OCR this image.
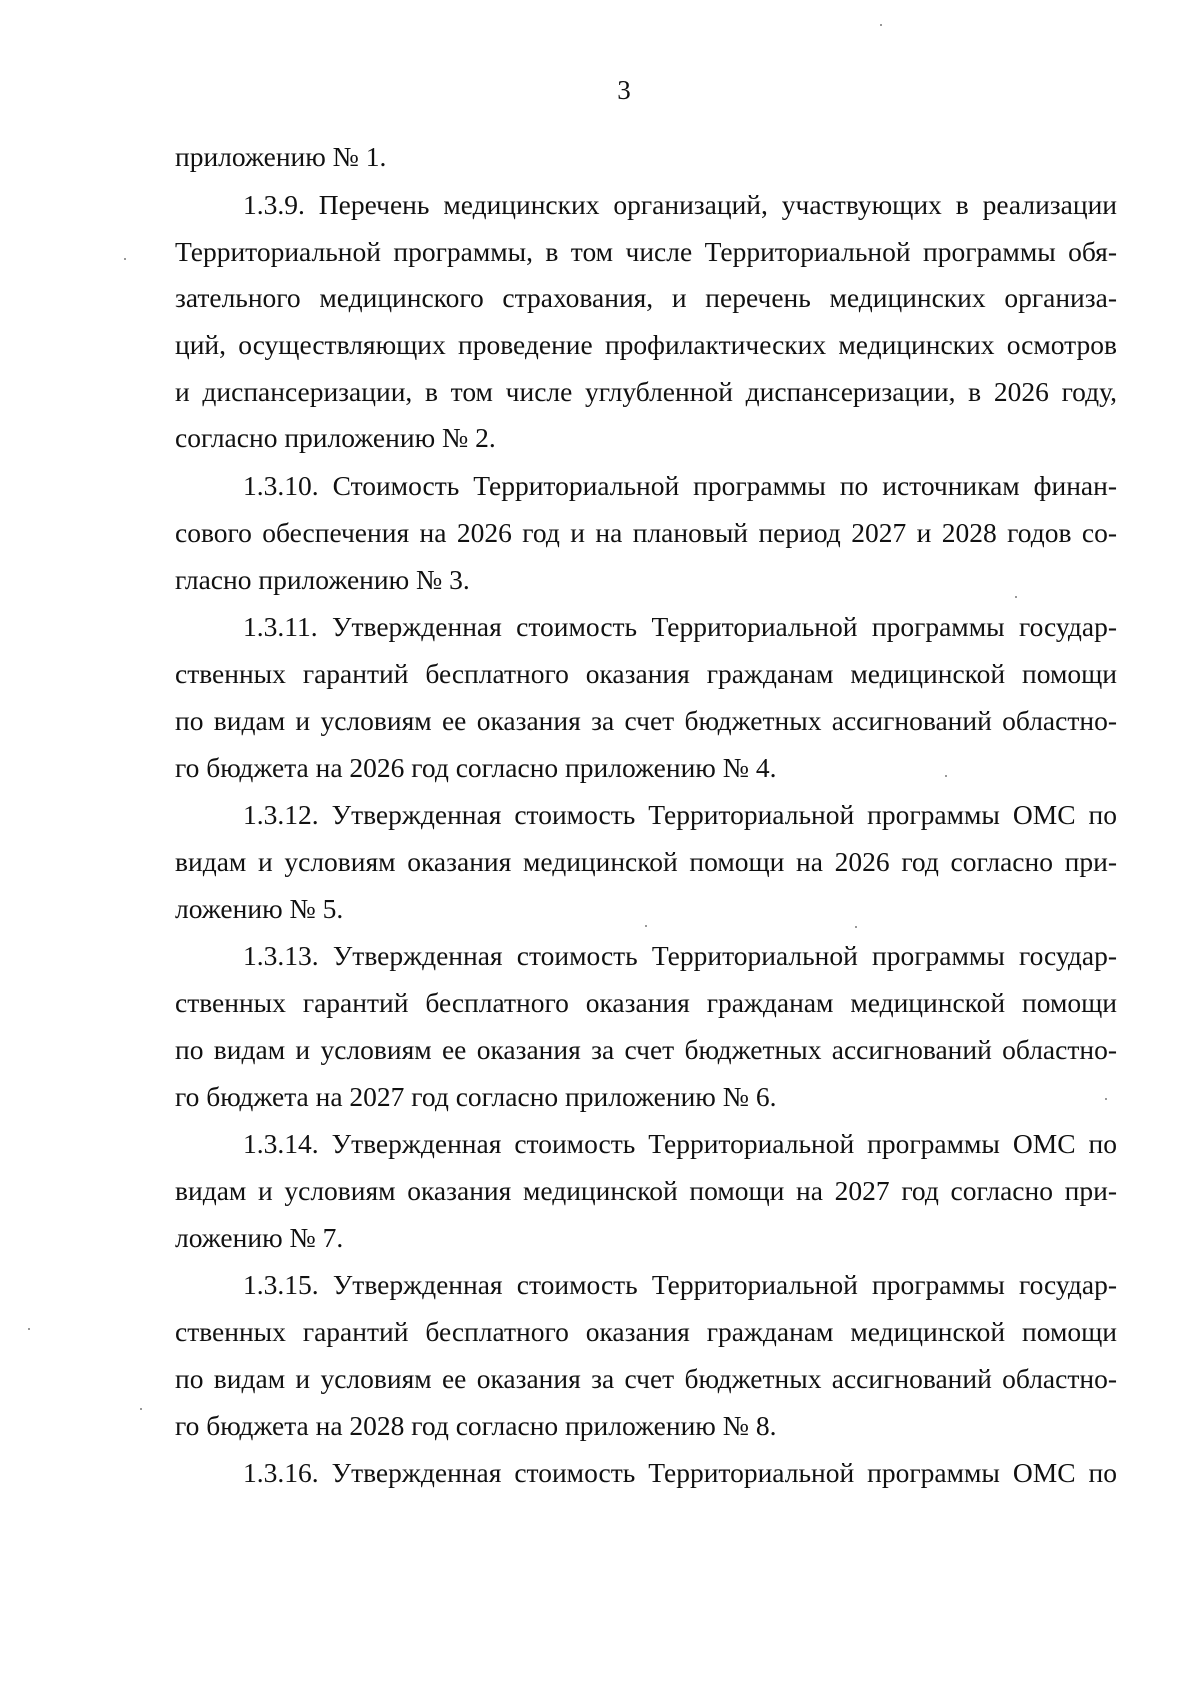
3
приложению № 1.
1.3.9. Перечень медицинских организаций, участвующих в реализации
Территориальной программы, в том числе Территориальной программы обя-
зательного медицинского страхования, и перечень медицинских организа-
ций, осуществляющих проведение профилактических медицинских осмотров
и диспансеризации, в том числе углубленной диспансеризации, в 2026 году,
согласно приложению № 2.
1.3.10. Стоимость Территориальной программы по источникам финан-
сового обеспечения на 2026 год и на плановый период 2027 и 2028 годов со-
гласно приложению № 3.
1.3.11. Утвержденная стоимость Территориальной программы государ-
ственных гарантий бесплатного оказания гражданам медицинской помощи
по видам и условиям ее оказания за счет бюджетных ассигнований областно-
го бюджета на 2026 год согласно приложению № 4.
1.3.12. Утвержденная стоимость Территориальной программы ОМС по
видам и условиям оказания медицинской помощи на 2026 год согласно при-
ложению № 5.
1.3.13. Утвержденная стоимость Территориальной программы государ-
ственных гарантий бесплатного оказания гражданам медицинской помощи
по видам и условиям ее оказания за счет бюджетных ассигнований областно-
го бюджета на 2027 год согласно приложению № 6.
1.3.14. Утвержденная стоимость Территориальной программы ОМС по
видам и условиям оказания медицинской помощи на 2027 год согласно при-
ложению № 7.
1.3.15. Утвержденная стоимость Территориальной программы государ-
ственных гарантий бесплатного оказания гражданам медицинской помощи
по видам и условиям ее оказания за счет бюджетных ассигнований областно-
го бюджета на 2028 год согласно приложению № 8.
1.3.16. Утвержденная стоимость Территориальной программы ОМС по
